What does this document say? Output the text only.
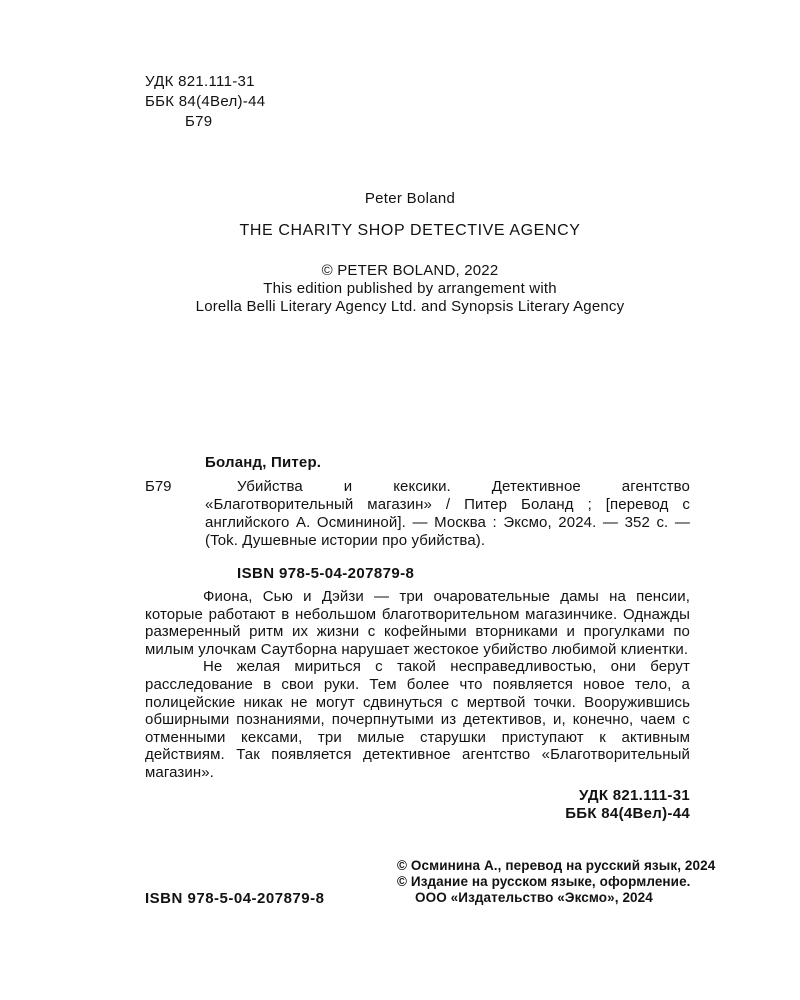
УДК 821.111-31
ББК 84(4Вел)-44
Б79
Peter Boland
THE CHARITY SHOP DETECTIVE AGENCY
© PETER BOLAND, 2022
This edition published by arrangement with
Lorella Belli Literary Agency Ltd. and Synopsis Literary Agency
Боланд, Питер.
Б79	Убийства и кексики. Детективное агентство «Благотворительный магазин» / Питер Боланд ; [перевод с английского А. Осмининой]. — Москва : Эксмо, 2024. — 352 с. — (Tok. Душевные истории про убийства).

ISBN 978-5-04-207879-8

Фиона, Сью и Дэйзи — три очаровательные дамы на пенсии, которые работают в небольшом благотворительном магазинчике. Однажды размеренный ритм их жизни с кофейными вторниками и прогулками по милым улочкам Саутборна нарушает жестокое убийство любимой клиентки.

Не желая мириться с такой несправедливостью, они берут расследование в свои руки. Тем более что появляется новое тело, а полицейские никак не могут сдвинуться с мертвой точки. Вооружившись обширными познаниями, почерпнутыми из детективов, и, конечно, чаем с отменными кексами, три милые старушки приступают к активным действиям. Так появляется детективное агентство «Благотворительный магазин».

УДК 821.111-31
ББК 84(4Вел)-44
© Осминина А., перевод на русский язык, 2024
© Издание на русском языке, оформление.
ООО «Издательство «Эксмо», 2024
ISBN 978-5-04-207879-8
